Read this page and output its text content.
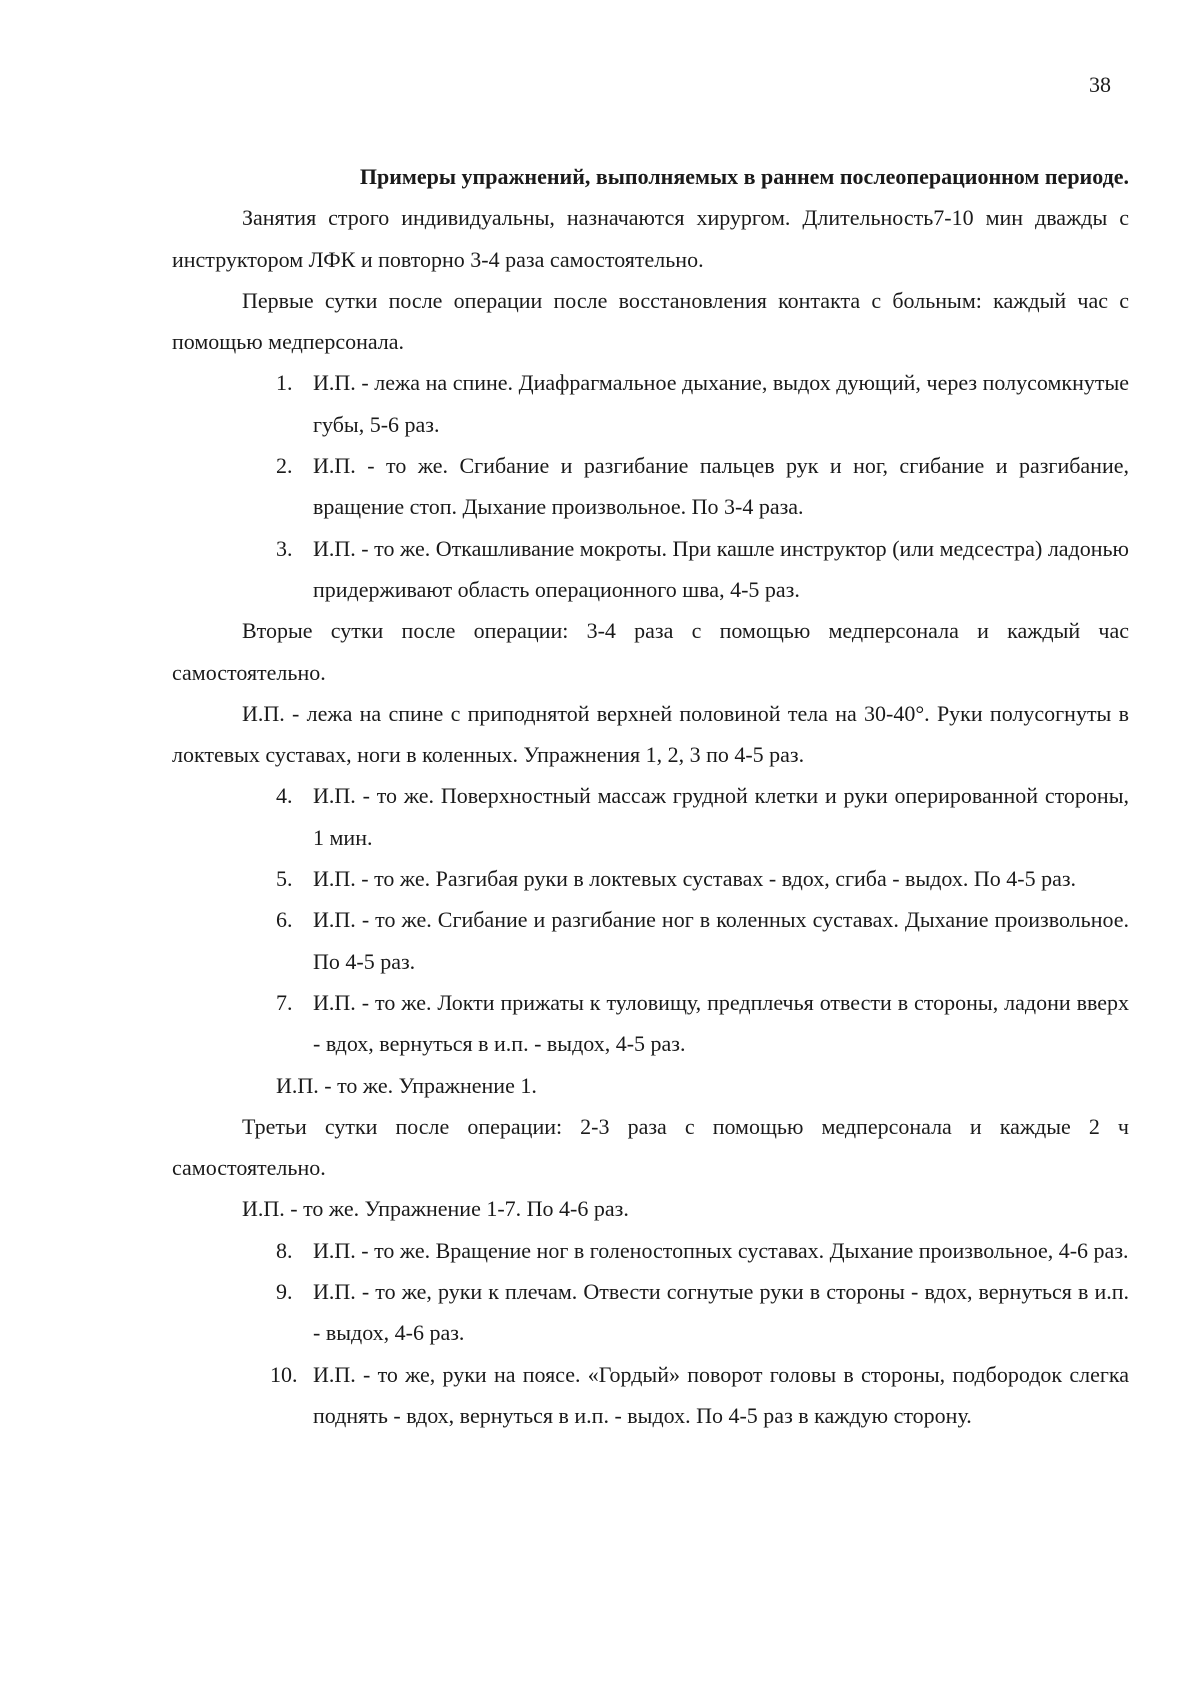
38
Примеры упражнений, выполняемых в раннем послеоперационном периоде.

Занятия строго индивидуальны, назначаются хирургом. Длительность7-10 мин дважды с инструктором ЛФК и повторно 3-4 раза самостоятельно.

Первые сутки после операции после восстановления контакта с больным: каждый час с помощью медперсонала.

1. И.П. - лежа на спине. Диафрагмальное дыхание, выдох дующий, через полусомкнутые губы, 5-6 раз.
2. И.П. - то же. Сгибание и разгибание пальцев рук и ног, сгибание и разгибание, вращение стоп. Дыхание произвольное. По 3-4 раза.
3. И.П. - то же. Откашливание мокроты. При кашле инструктор (или медсестра) ладонью придерживают область операционного шва, 4-5 раз.

Вторые сутки после операции: 3-4 раза с помощью медперсонала и каждый час самостоятельно.

И.П. - лежа на спине с приподнятой верхней половиной тела на 30-40°. Руки полусогнуты в локтевых суставах, ноги в коленных. Упражнения 1, 2, 3 по 4-5 раз.

4. И.П. - то же. Поверхностный массаж грудной клетки и руки оперированной стороны, 1 мин.
5. И.П. - то же. Разгибая руки в локтевых суставах - вдох, сгиба - выдох. По 4-5 раз.
6. И.П. - то же. Сгибание и разгибание ног в коленных суставах. Дыхание произвольное. По 4-5 раз.
7. И.П. - то же. Локти прижаты к туловищу, предплечья отвести в стороны, ладони вверх - вдох, вернуться в и.п. - выдох, 4-5 раз.

И.П. - то же. Упражнение 1.

Третьи сутки после операции: 2-3 раза с помощью медперсонала и каждые 2 ч самостоятельно.

И.П. - то же. Упражнение 1-7. По 4-6 раз.

8. И.П. - то же. Вращение ног в голеностопных суставах. Дыхание произвольное, 4-6 раз.
9. И.П. - то же, руки к плечам. Отвести согнутые руки в стороны - вдох, вернуться в и.п. - выдох, 4-6 раз.
10. И.П. - то же, руки на поясе. «Гордый» поворот головы в стороны, подбородок слегка поднять - вдох, вернуться в и.п. - выдох. По 4-5 раз в каждую сторону.
